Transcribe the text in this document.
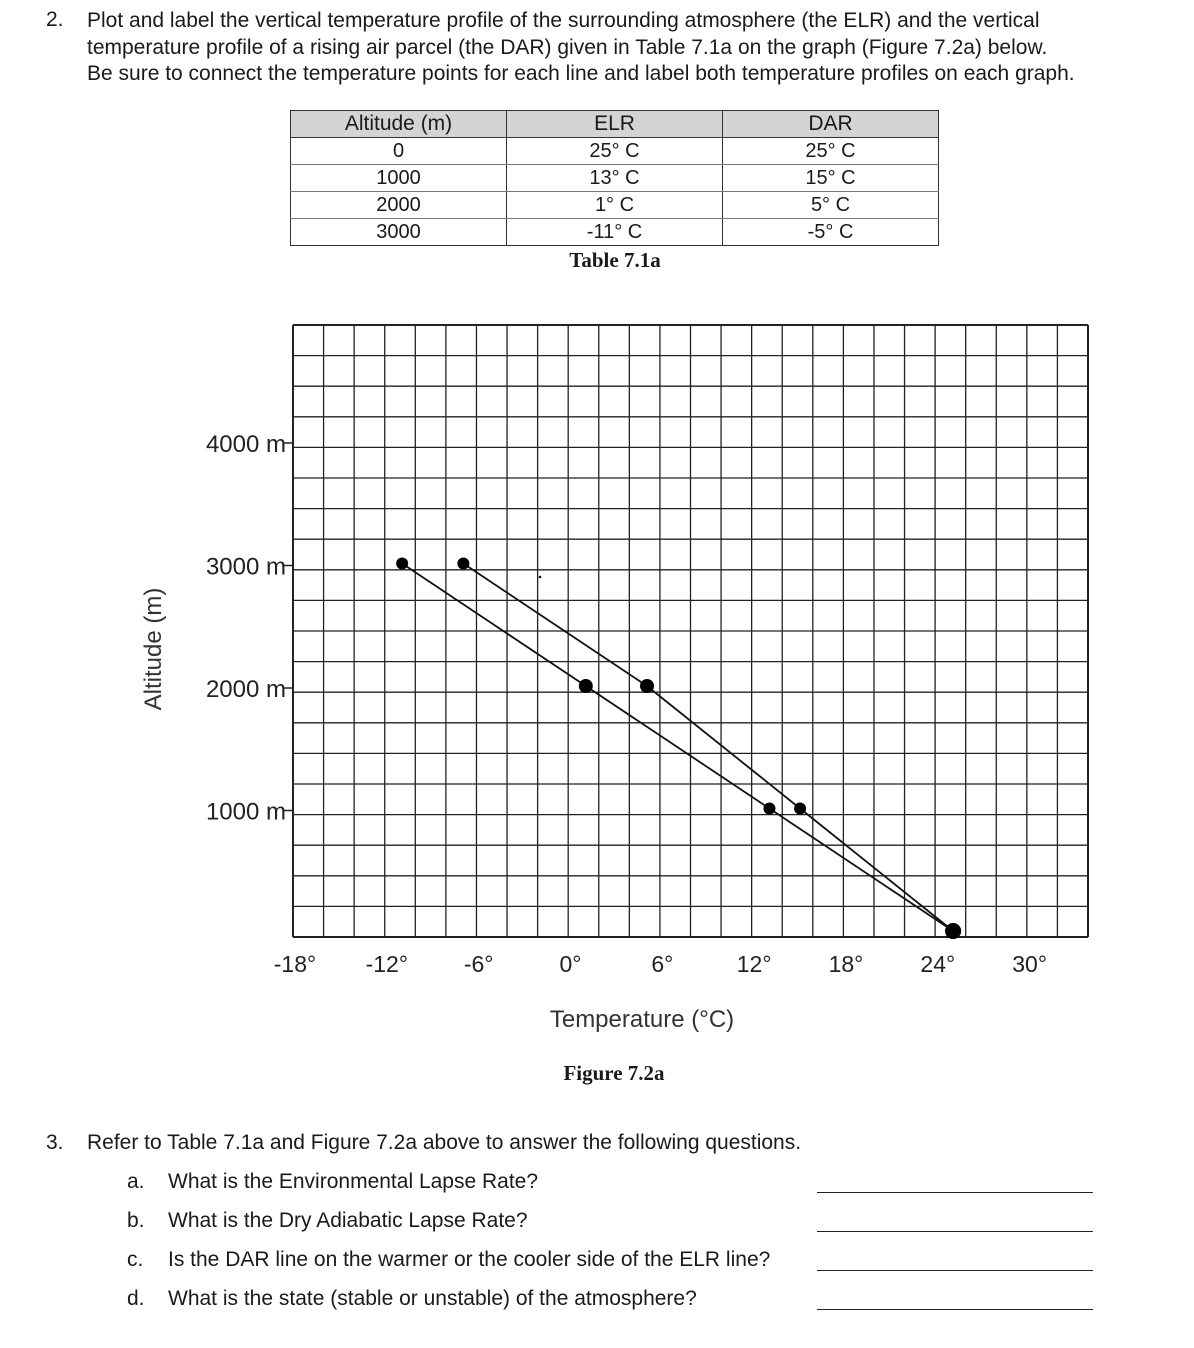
2. Plot and label the vertical temperature profile of the surrounding atmosphere (the ELR) and the vertical
temperature profile of a rising air parcel (the DAR) given in Table 7.1a on the graph (Figure 7.2a) below.
Be sure to connect the temperature points for each line and label both temperature profiles on each graph.
Altitude (m)	ELR	DAR
0	25° C	25° C
1000	13° C	15° C
2000	1° C	5° C
3000	-11° C	-5° C
Table 7.1a
1000 m
2000 m
3000 m
4000 m
-18° -12° -6°	0°	6°	12° 18° 24° 30°
Temperature (°C)
Altitude (m)
Figure 7.2a
3. Refer to Table 7.1a and Figure 7.2a above to answer the following questions.
a. What is the Environmental Lapse Rate?
b. What is the Dry Adiabatic Lapse Rate?
c. Is the DAR line on the warmer or the cooler side of the ELR line?
d. What is the state (stable or unstable) of the atmosphere?
